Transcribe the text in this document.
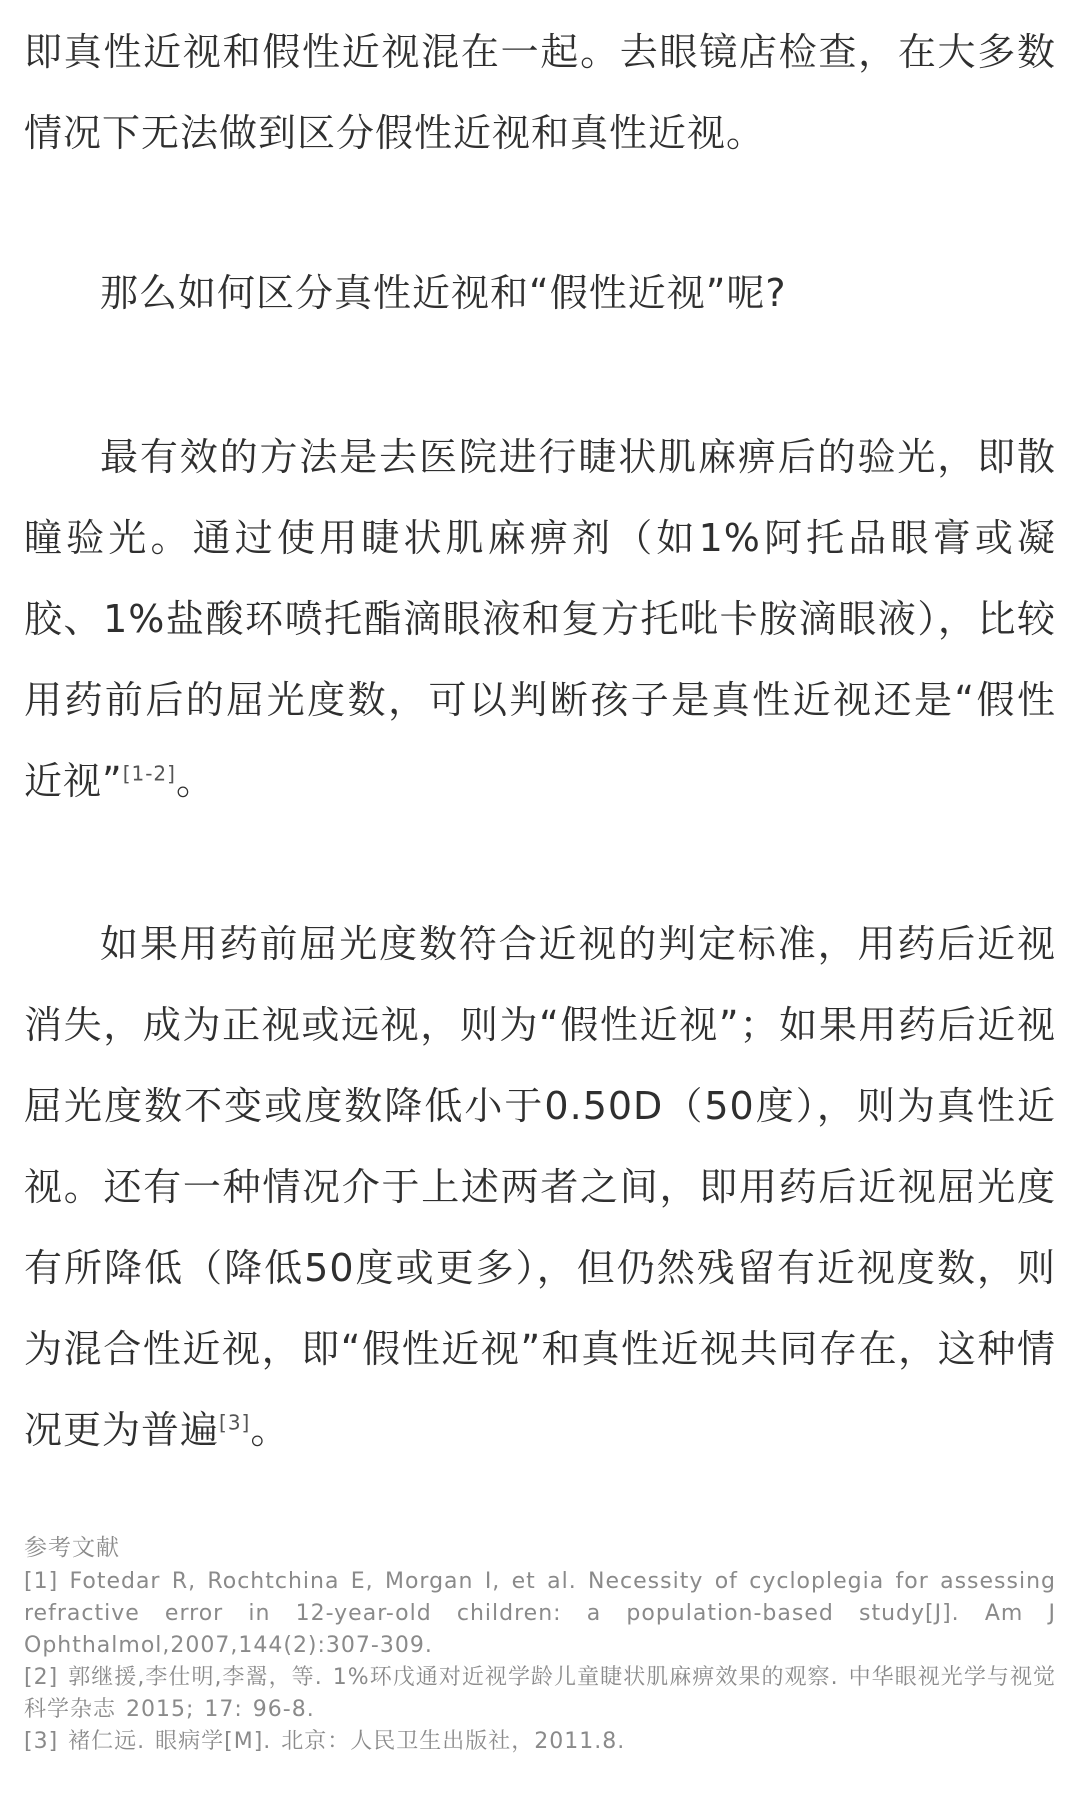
即真性近视和假性近视混在一起。去眼镜店检查，在大多数情况下无法做到区分假性近视和真性近视。

那么如何区分真性近视和“假性近视”呢?

最有效的方法是去医院进行睫状肌麻痹后的验光，即散瞳验光。通过使用睫状肌麻痹剂（如1%阿托品眼膏或凝胶、1%盐酸环喷托酯滴眼液和复方托吡卡胺滴眼液），比较用药前后的屈光度数，可以判断孩子是真性近视还是“假性近视”[1-2]。

如果用药前屈光度数符合近视的判定标准，用药后近视消失，成为正视或远视，则为“假性近视”；如果用药后近视屈光度数不变或度数降低小于0.50D（50度），则为真性近视。还有一种情况介于上述两者之间，即用药后近视屈光度有所降低（降低50度或更多），但仍然残留有近视度数，则为混合性近视，即“假性近视”和真性近视共同存在，这种情况更为普遍[3]。

参考文献

[1] Fotedar R, Rochtchina E, Morgan I, et al. Necessity of cycloplegia for assessing refractive error in 12-year-old children: a population-based study[J]. Am J Ophthalmol,2007,144(2):307-309.

[2] 郭继援,李仕明,李翯，等. 1%环戊通对近视学龄儿童睫状肌麻痹效果的观察. 中华眼视光学与视觉科学杂志 2015; 17: 96-8.

[3] 褚仁远. 眼病学[M]. 北京：人民卫生出版社，2011.8.
